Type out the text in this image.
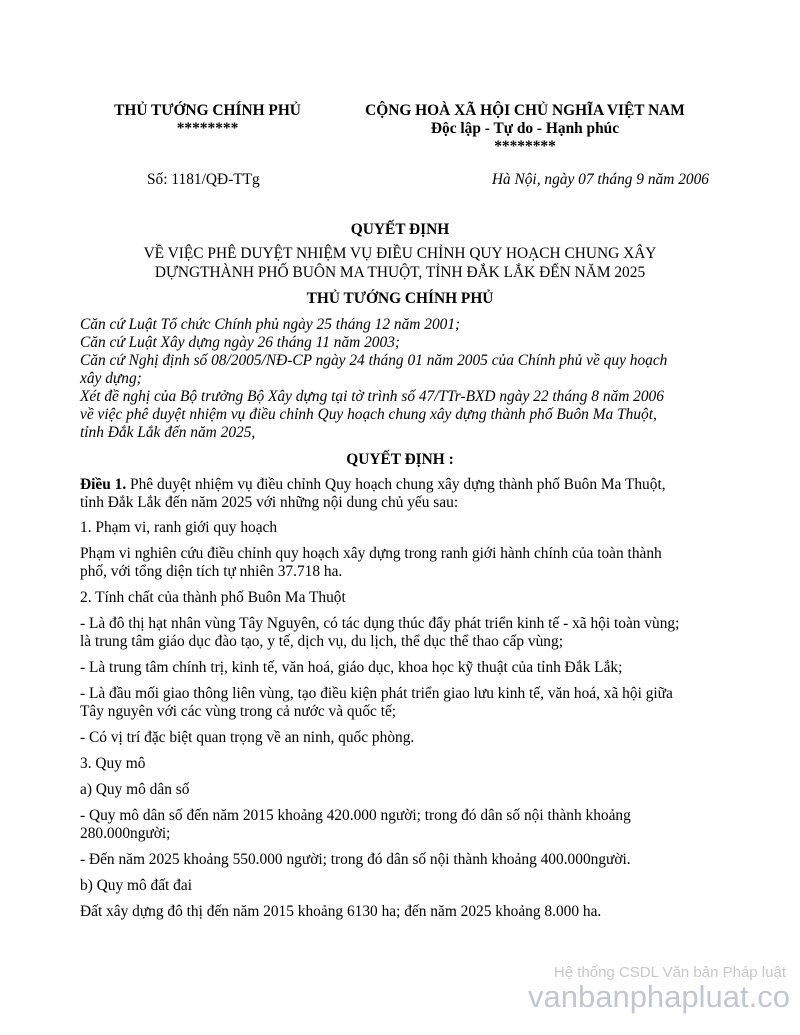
THỦ TƯỚNG CHÍNH PHỦ
********
CỘNG HOÀ XÃ HỘI CHỦ NGHĨA VIỆT NAM
Độc lập - Tự do - Hạnh phúc
********
Số: 1181/QĐ-TTg	Hà Nội, ngày 07 tháng 9 năm 2006
QUYẾT ĐỊNH
VỀ VIỆC PHÊ DUYỆT NHIỆM VỤ ĐIỀU CHỈNH QUY HOẠCH CHUNG XÂY
DỰNGTHÀNH PHỐ BUÔN MA THUỘT, TỈNH ĐẮK LẮK ĐẾN NĂM 2025
THỦ TƯỚNG CHÍNH PHỦ
Căn cứ Luật Tổ chức Chính phủ ngày 25 tháng 12 năm 2001;
Căn cứ Luật Xây dựng ngày 26 tháng 11 năm 2003;
Căn cứ Nghị định số 08/2005/NĐ-CP ngày 24 tháng 01 năm 2005 của Chính phủ về quy hoạch
xây dựng;
Xét đề nghị của Bộ trưởng Bộ Xây dựng tại tờ trình số 47/TTr-BXD ngày 22 tháng 8 năm 2006
về việc phê duyệt nhiệm vụ điều chỉnh Quy hoạch chung xây dựng thành phố Buôn Ma Thuột,
tỉnh Đắk Lắk đến năm 2025,
QUYẾT ĐỊNH :
Điều 1. Phê duyệt nhiệm vụ điều chỉnh Quy hoạch chung xây dựng thành phố Buôn Ma Thuột,
tỉnh Đắk Lắk đến năm 2025 với những nội dung chủ yếu sau:
1. Phạm vi, ranh giới quy hoạch
Phạm vi nghiên cứu điều chỉnh quy hoạch xây dựng trong ranh giới hành chính của toàn thành
phố, với tổng diện tích tự nhiên 37.718 ha.
2. Tính chất của thành phố Buôn Ma Thuột
- Là đô thị hạt nhân vùng Tây Nguyên, có tác dụng thúc đẩy phát triển kinh tế - xã hội toàn vùng;
là trung tâm giáo dục đào tạo, y tế, dịch vụ, du lịch, thể dục thể thao cấp vùng;
- Là trung tâm chính trị, kinh tế, văn hoá, giáo dục, khoa học kỹ thuật của tỉnh Đắk Lắk;
- Là đầu mối giao thông liên vùng, tạo điều kiện phát triển giao lưu kinh tế, văn hoá, xã hội giữa
Tây nguyên với các vùng trong cả nước và quốc tế;
- Có vị trí đặc biệt quan trọng về an ninh, quốc phòng.
3. Quy mô
a) Quy mô dân số
- Quy mô dân số đến năm 2015 khoảng 420.000 người; trong đó dân số nội thành khoảng
280.000người;
- Đến năm 2025 khoảng 550.000 người; trong đó dân số nội thành khoảng 400.000người.
b) Quy mô đất đai
Đất xây dựng đô thị đến năm 2015 khoảng 6130 ha; đến năm 2025 khoảng 8.000 ha.
Hệ thống CSDL Văn bản Pháp luật
vanbanphapluat.co
